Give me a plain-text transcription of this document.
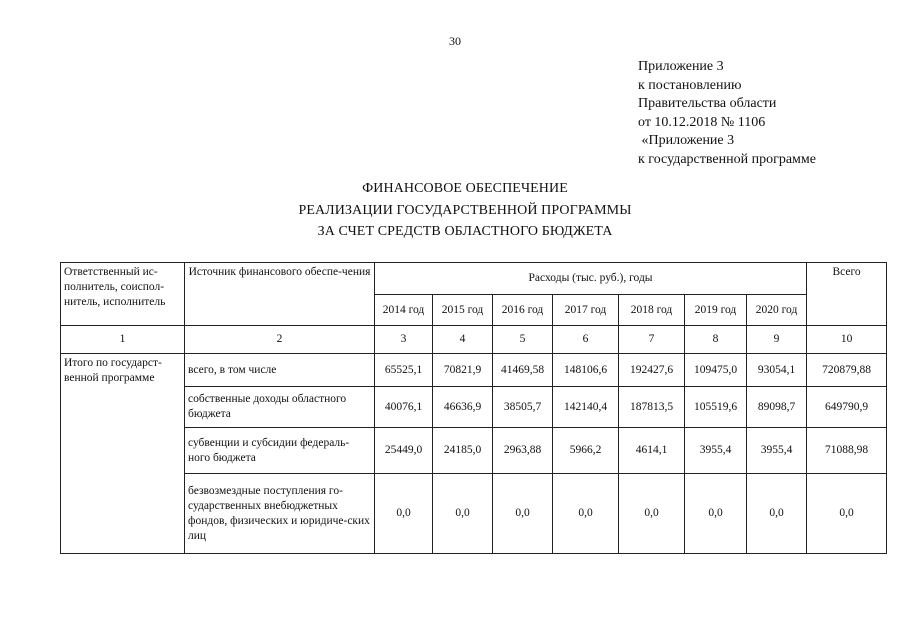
30
Приложение 3
к постановлению
Правительства области
от 10.12.2018 № 1106
«Приложение 3
к государственной программе
ФИНАНСОВОЕ ОБЕСПЕЧЕНИЕ
РЕАЛИЗАЦИИ ГОСУДАРСТВЕННОЙ ПРОГРАММЫ
ЗА СЧЕТ СРЕДСТВ ОБЛАСТНОГО БЮДЖЕТА
Ответственный ис-полнитель, соиспол-нитель, исполнитель	Источник финансового обеспе-чения	Расходы (тыс. руб.), годы							Всего
		2014 год	2015 год	2016 год	2017 год	2018 год	2019 год	2020 год	
1	2	3	4	5	6	7	8	9	10
Итого по государст-венной программе	всего, в том числе	65525,1	70821,9	41469,58	148106,6	192427,6	109475,0	93054,1	720879,88
	собственные доходы областного бюджета	40076,1	46636,9	38505,7	142140,4	187813,5	105519,6	89098,7	649790,9
	субвенции и субсидии федераль-ного бюджета	25449,0	24185,0	2963,88	5966,2	4614,1	3955,4	3955,4	71088,98
	безвозмездные поступления го-сударственных внебюджетных фондов, физических и юридиче-ских лиц	0,0	0,0	0,0	0,0	0,0	0,0	0,0	0,0
